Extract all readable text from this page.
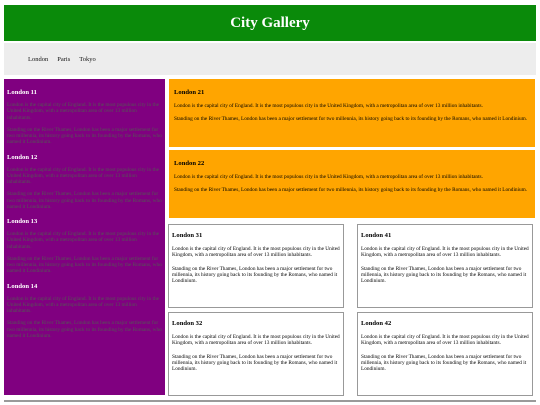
City Gallery
London Paris Tokyo
London 11

London is the capital city of England. It is the most populous city in the United Kingdom, with a metropolitan area of over 13 million inhabitants.

Standing on the River Thames, London has been a major settlement for two millennia, its history going back to its founding by the Romans, who named it Londinium.

London 12

London is the capital city of England. It is the most populous city in the United Kingdom, with a metropolitan area of over 13 million inhabitants.

Standing on the River Thames, London has been a major settlement for two millennia, its history going back to its founding by the Romans, who named it Londinium.

London 13

London is the capital city of England. It is the most populous city in the United Kingdom, with a metropolitan area of over 13 million inhabitants.

Standing on the River Thames, London has been a major settlement for two millennia, its history going back to its founding by the Romans, who named it Londinium.

London 14

London is the capital city of England. It is the most populous city in the United Kingdom, with a metropolitan area of over 13 million inhabitants.

Standing on the River Thames, London has been a major settlement for two millennia, its history going back to its founding by the Romans, who named it Londinium.

London 21

London is the capital city of England. It is the most populous city in the United Kingdom, with a metropolitan area of over 13 million inhabitants.

Standing on the River Thames, London has been a major settlement for two millennia, its history going back to its founding by the Romans, who named it Londinium.

London 22

London is the capital city of England. It is the most populous city in the United Kingdom, with a metropolitan area of over 13 million inhabitants.

Standing on the River Thames, London has been a major settlement for two millennia, its history going back to its founding by the Romans, who named it Londinium.

London 31

London is the capital city of England. It is the most populous city in the United Kingdom, with a metropolitan area of over 13 million inhabitants.

Standing on the River Thames, London has been a major settlement for two millennia, its history going back to its founding by the Romans, who named it Londinium.

London 41

London is the capital city of England. It is the most populous city in the United Kingdom, with a metropolitan area of over 13 million inhabitants.

Standing on the River Thames, London has been a major settlement for two millennia, its history going back to its founding by the Romans, who named it Londinium.

London 32

London is the capital city of England. It is the most populous city in the United Kingdom, with a metropolitan area of over 13 million inhabitants.

Standing on the River Thames, London has been a major settlement for two millennia, its history going back to its founding by the Romans, who named it Londinium.

London 42

London is the capital city of England. It is the most populous city in the United Kingdom, with a metropolitan area of over 13 million inhabitants.

Standing on the River Thames, London has been a major settlement for two millennia, its history going back to its founding by the Romans, who named it Londinium.
